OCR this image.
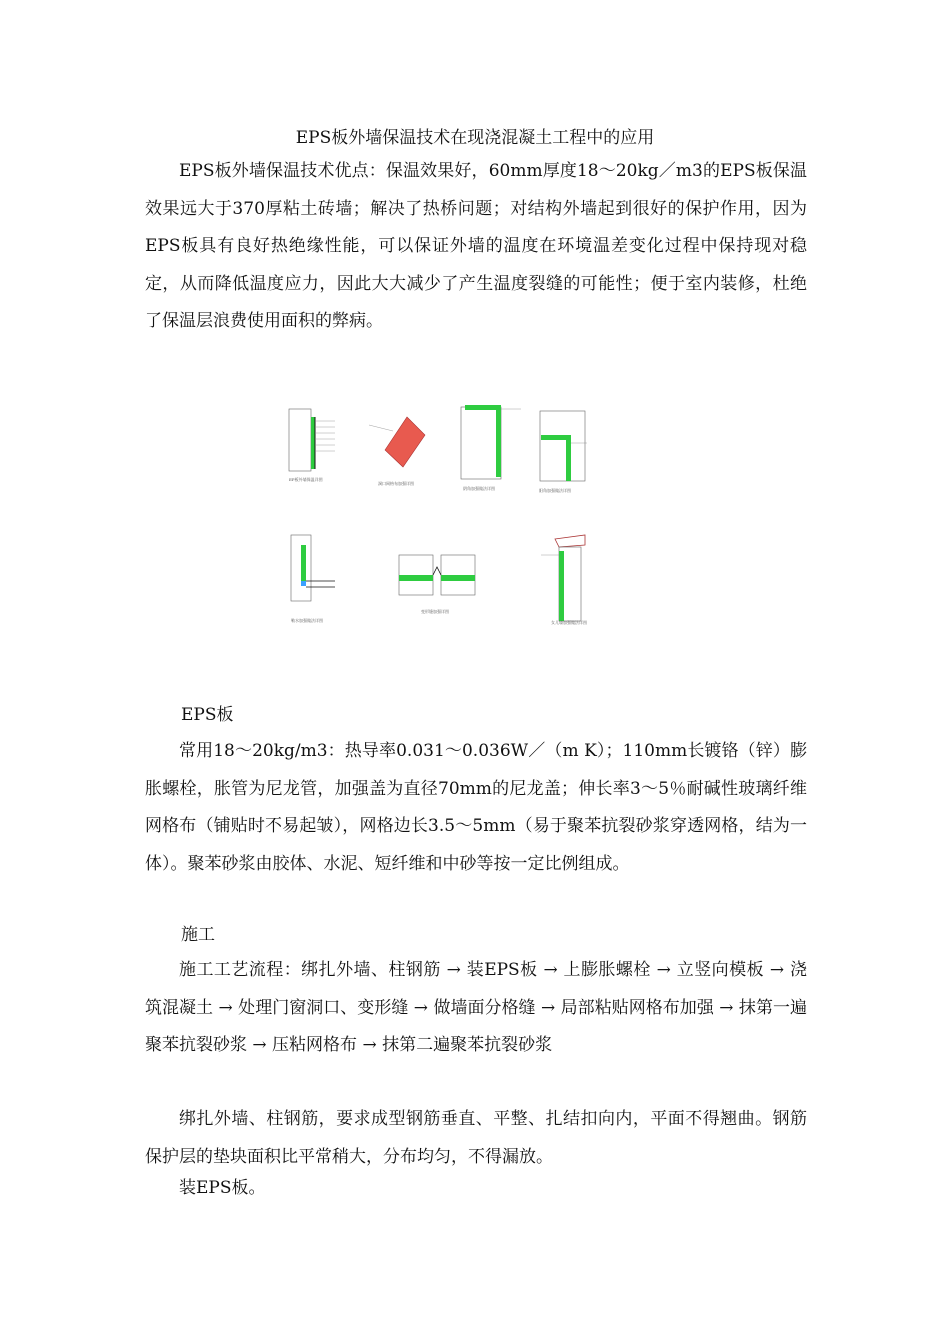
EPS板外墙保温技术在现浇混凝土工程中的应用

EPS板外墙保温技术优点：保温效果好，60mm厚度18～20kg／m3的EPS板保温效果远大于370厚粘土砖墙；解决了热桥问题；对结构外墙起到很好的保护作用，因为EPS板具有良好热绝缘性能，可以保证外墙的温度在环境温差变化过程中保持现对稳定，从而降低温度应力，因此大大减少了产生温度裂缝的可能性；便于室内装修，杜绝了保温层浪费使用面积的弊病。

EP板外墙保温详图
洞口网格布加强详图
阴角加强做法详图	阳角加强做法详图
勒水加强做法详图
变形缝加强详图
女儿墙加强做法详图

EPS板

常用18～20kg/m3：热导率0.031～0.036W／（m K）；110mm长镀铬（锌）膨胀螺栓，胀管为尼龙管，加强盖为直径70mm的尼龙盖；伸长率3～5％耐碱性玻璃纤维网格布（铺贴时不易起皱），网格边长3.5～5mm（易于聚苯抗裂砂浆穿透网格，结为一体）。聚苯砂浆由胶体、水泥、短纤维和中砂等按一定比例组成。

施工

施工工艺流程：绑扎外墙、柱钢筋 → 装EPS板 → 上膨胀螺栓 → 立竖向模板 → 浇筑混凝土 → 处理门窗洞口、变形缝 → 做墙面分格缝 → 局部粘贴网格布加强 → 抹第一遍聚苯抗裂砂浆 → 压粘网格布 → 抹第二遍聚苯抗裂砂浆

绑扎外墙、柱钢筋，要求成型钢筋垂直、平整、扎结扣向内，平面不得翘曲。钢筋保护层的垫块面积比平常稍大，分布均匀，不得漏放。

装EPS板。
